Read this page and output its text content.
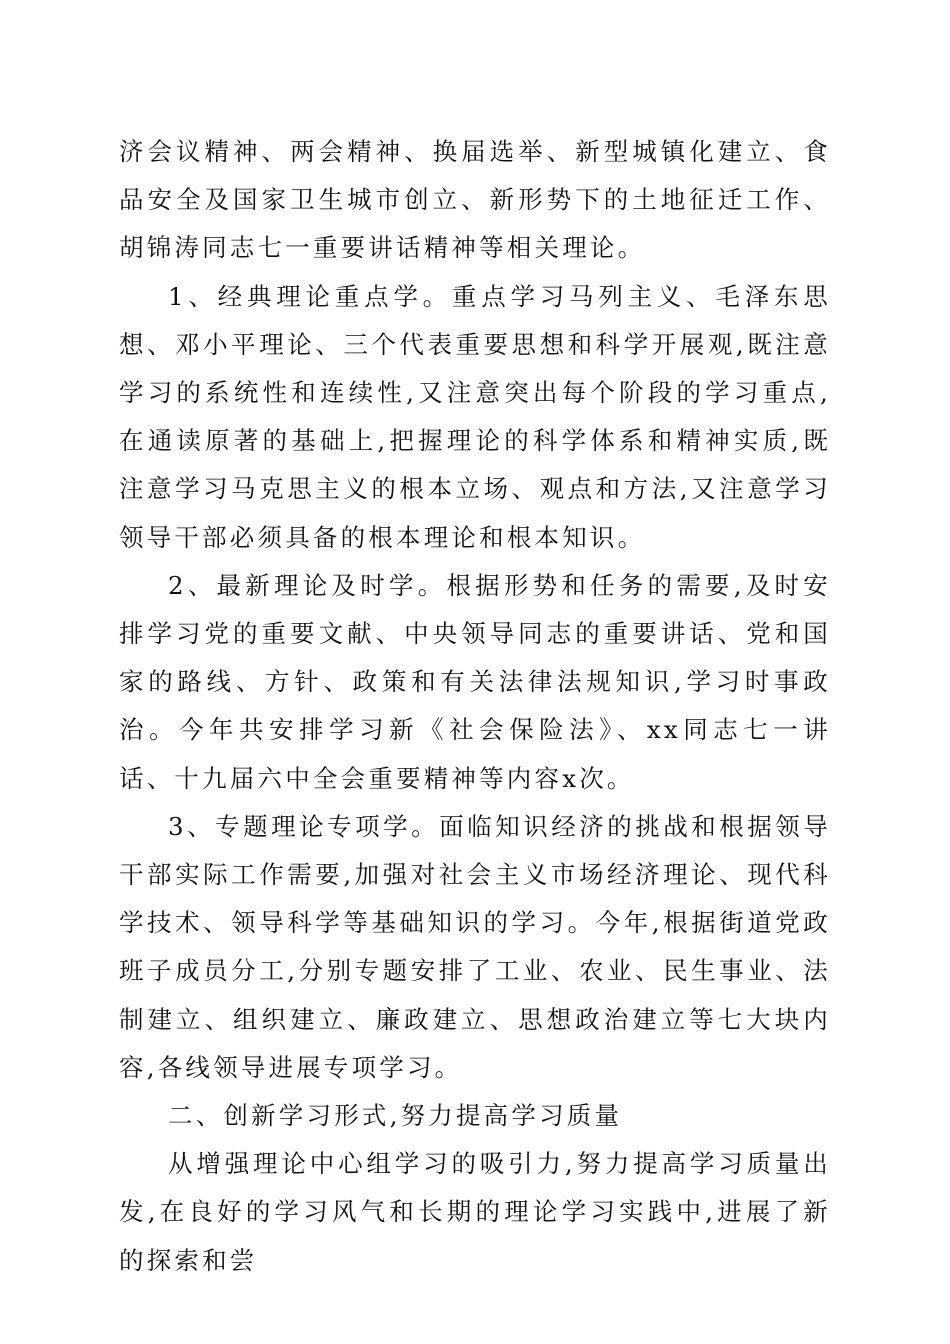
济会议精神、两会精神、换届选举、新型城镇化建立、食品安全及国家卫生城市创立、新形势下的土地征迁工作、胡锦涛同志七一重要讲话精神等相关理论。

1、经典理论重点学。重点学习马列主义、毛泽东思想、邓小平理论、三个代表重要思想和科学开展观,既注意学习的系统性和连续性,又注意突出每个阶段的学习重点,在通读原著的基础上,把握理论的科学体系和精神实质,既注意学习马克思主义的根本立场、观点和方法,又注意学习领导干部必须具备的根本理论和根本知识。

2、最新理论及时学。根据形势和任务的需要,及时安排学习党的重要文献、中央领导同志的重要讲话、党和国家的路线、方针、政策和有关法律法规知识,学习时事政治。今年共安排学习新《社会保险法》、xx同志七一讲话、十九届六中全会重要精神等内容x次。

3、专题理论专项学。面临知识经济的挑战和根据领导干部实际工作需要,加强对社会主义市场经济理论、现代科学技术、领导科学等基础知识的学习。今年,根据街道党政班子成员分工,分别专题安排了工业、农业、民生事业、法制建立、组织建立、廉政建立、思想政治建立等七大块内容,各线领导进展专项学习。

二、创新学习形式,努力提高学习质量

从增强理论中心组学习的吸引力,努力提高学习质量出发,在良好的学习风气和长期的理论学习实践中,进展了新的探索和尝
